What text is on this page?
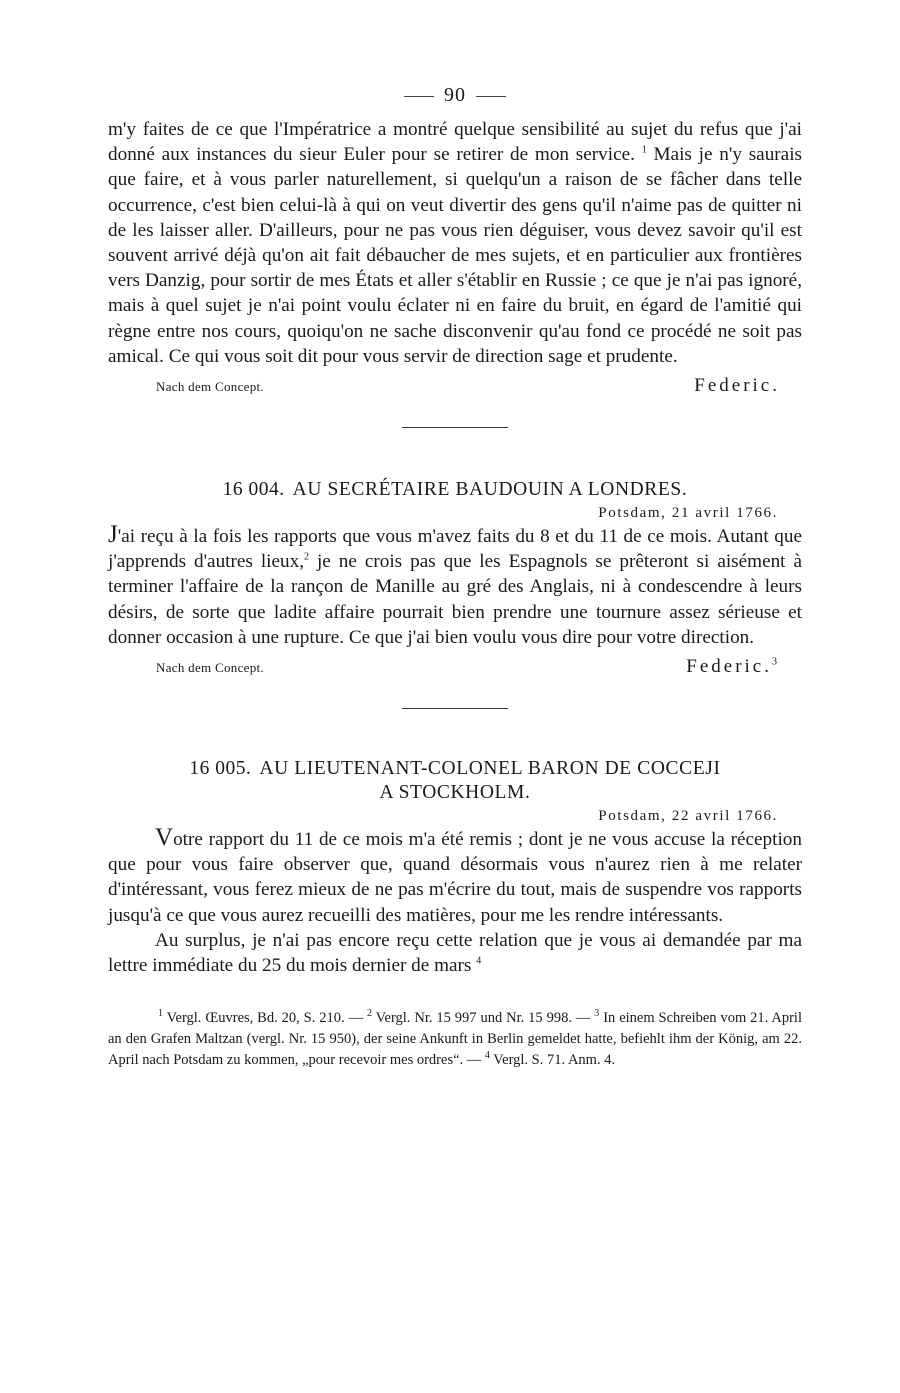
90

m'y faites de ce que l'Impératrice a montré quelque sensibilité au sujet du refus que j'ai donné aux instances du sieur Euler pour se retirer de mon service. $^1$ Mais je n'y saurais que faire, et à vous parler naturellement, si quelqu'un a raison de se fâcher dans telle occurrence, c'est bien celui-là à qui on veut divertir des gens qu'il n'aime pas de quitter ni de les laisser aller. D'ailleurs, pour ne pas vous rien déguiser, vous devez savoir qu'il est souvent arrivé déjà qu'on ait fait débaucher de mes sujets, et en particulier aux frontières vers Danzig, pour sortir de mes États et aller s'établir en Russie ; ce que je n'ai pas ignoré, mais à quel sujet je n'ai point voulu éclater ni en faire du bruit, en égard de l'amitié qui règne entre nos cours, quoiqu'on ne sache disconvenir qu'au fond ce procédé ne soit pas amical. Ce qui vous soit dit pour vous servir de direction sage et prudente.

Nach dem Concept.	Federic.
16 004. AU SECRÉTAIRE BAUDOUIN A LONDRES.
Potsdam, 21 avril 1766.

J'ai reçu à la fois les rapports que vous m'avez faits du 8 et du 11 de ce mois. Autant que j'apprends d'autres lieux,$^2$ je ne crois pas que les Espagnols se prêteront si aisément à terminer l'affaire de la rançon de Manille au gré des Anglais, ni à condescendre à leurs désirs, de sorte que ladite affaire pourrait bien prendre une tournure assez sérieuse et donner occasion à une rupture. Ce que j'ai bien voulu vous dire pour votre direction.

Nach dem Concept.	Federic.$^3$
16 005. AU LIEUTENANT-COLONEL BARON DE COCCEJI
A STOCKHOLM.
Potsdam, 22 avril 1766.

Votre rapport du 11 de ce mois m'a été remis ; dont je ne vous accuse la réception que pour vous faire observer que, quand désormais vous n'aurez rien à me relater d'intéressant, vous ferez mieux de ne pas m'écrire du tout, mais de suspendre vos rapports jusqu'à ce que vous aurez recueilli des matières, pour me les rendre intéressants.

Au surplus, je n'ai pas encore reçu cette relation que je vous ai demandée par ma lettre immédiate du 25 du mois dernier de mars $^4$

$^1$ Vergl. Œuvres, Bd. 20, S. 210. — $^2$ Vergl. Nr. 15 997 und Nr. 15 998. — $^3$ In einem Schreiben vom 21. April an den Grafen Maltzan (vergl. Nr. 15 950), der seine Ankunft in Berlin gemeldet hatte, befiehlt ihm der König, am 22. April nach Potsdam zu kommen, „pour recevoir mes ordres“. — $^4$ Vergl. S. 71. Anm. 4.
